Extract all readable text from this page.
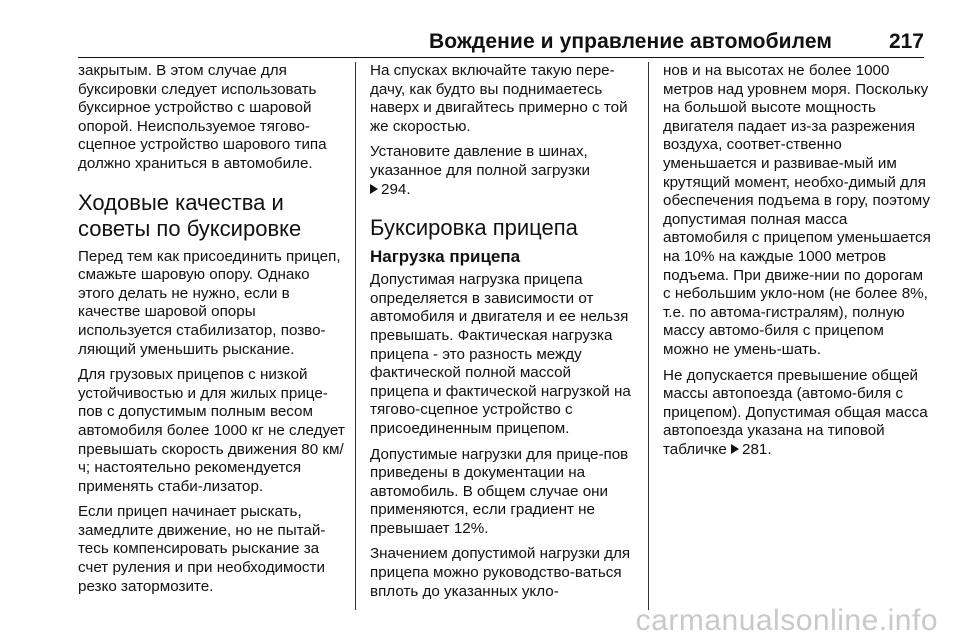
Вождение и управление автомобилем	217

закрытым. В этом случае для буксировки следует использовать буксирное устройство с шаровой опорой. Неиспользуемое тягово-сцепное устройство шарового типа должно храниться в автомобиле.

Ходовые качества и советы по буксировке

Перед тем как присоединить прицеп, смажьте шаровую опору. Однако этого делать не нужно, если в качестве шаровой опоры используется стабилизатор, позво-ляющий уменьшить рыскание.

Для грузовых прицепов с низкой устойчивостью и для жилых прице-пов с допустимым полным весом автомобиля более 1000 кг не следует превышать скорость движения 80 км/ч; настоятельно рекомендуется применять стаби-лизатор.

Если прицеп начинает рыскать, замедлите движение, но не пытай-тесь компенсировать рыскание за счет руления и при необходимости резко затормозите.

На спусках включайте такую пере-дачу, как будто вы поднимаетесь наверх и двигайтесь примерно с той же скоростью.

Установите давление в шинах, указанное для полной загрузки
294.

Буксировка прицепа
Нагрузка прицепа

Допустимая нагрузка прицепа определяется в зависимости от автомобиля и двигателя и ее нельзя превышать. Фактическая нагрузка прицепа - это разность между фактической полной массой прицепа и фактической нагрузкой на тягово-сцепное устройство с присоединенным прицепом.

Допустимые нагрузки для прице-пов приведены в документации на автомобиль. В общем случае они применяются, если градиент не превышает 12%.

Значением допустимой нагрузки для прицепа можно руководство-ваться вплоть до указанных укло-

нов и на высотах не более 1000 метров над уровнем моря. Поскольку на большой высоте мощность двигателя падает из-за разрежения воздуха, соответ-ственно уменьшается и развивае-мый им крутящий момент, необхо-димый для обеспечения подъема в гору, поэтому допустимая полная масса автомобиля с прицепом уменьшается на 10% на каждые 1000 метров подъема. При движе-нии по дорогам с небольшим укло-ном (не более 8%, т.е. по автома-гистралям), полную массу автомо-биля с прицепом можно не умень-шать.

Не допускается превышение общей массы автопоезда (автомо-биля с прицепом). Допустимая общая масса автопоезда указана на типовой табличке 281.

carmanualsonline.info
